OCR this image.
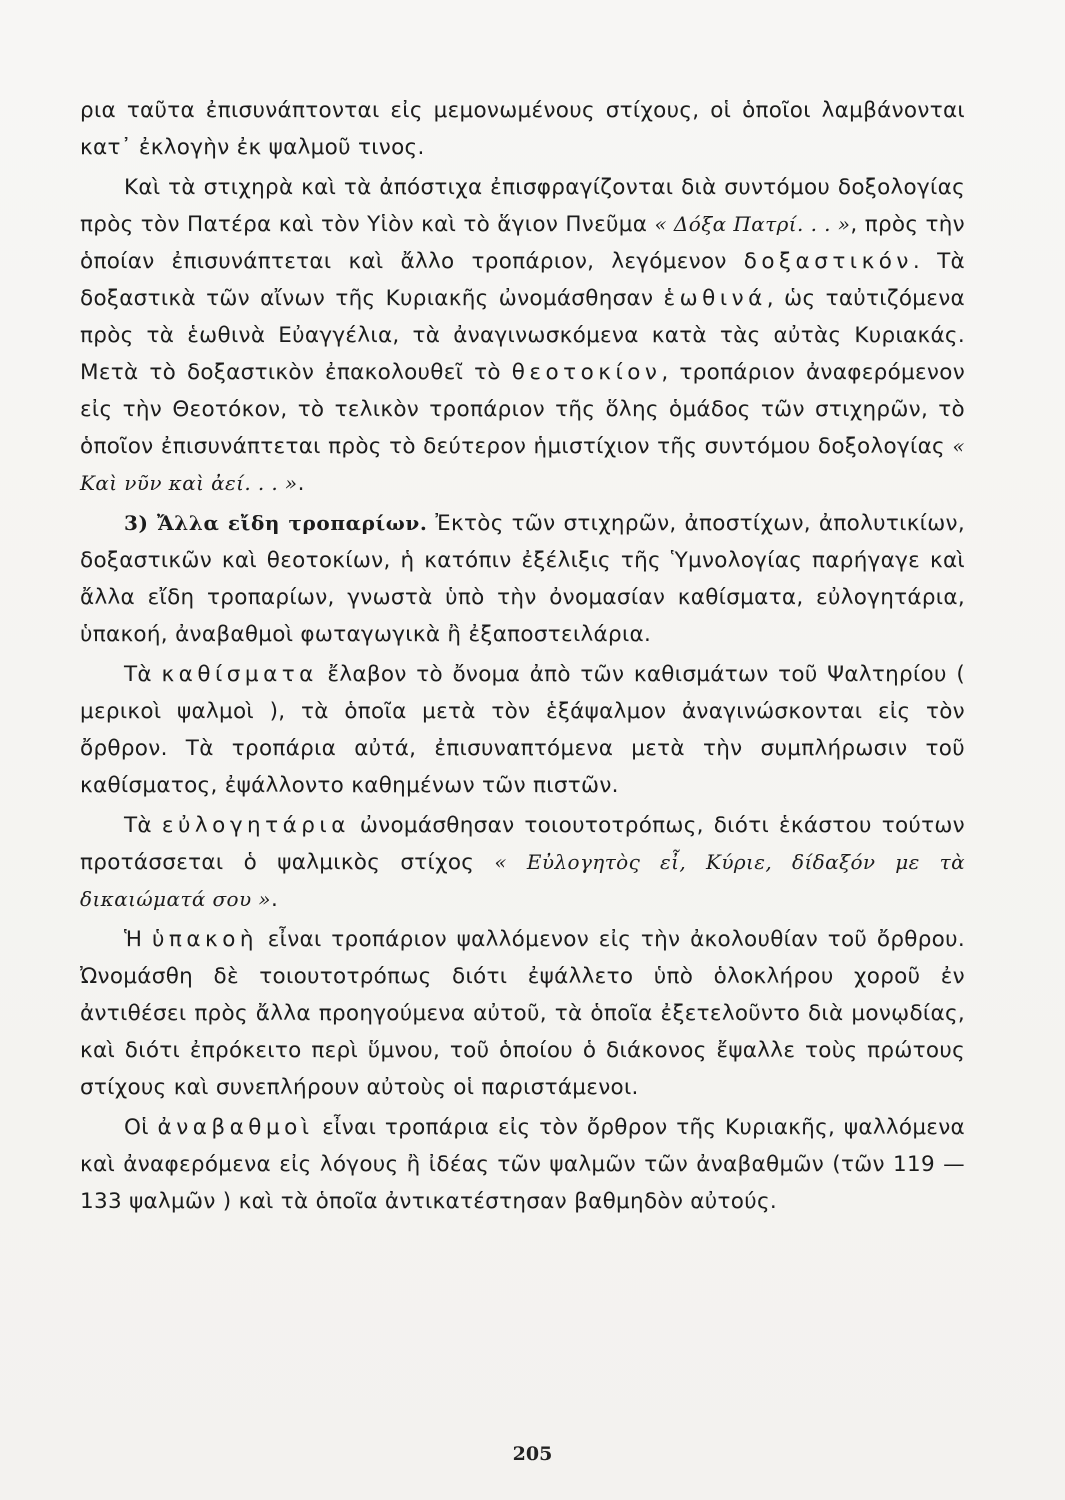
ρια ταῦτα ἐπισυνάπτονται εἰς μεμονωμένους στίχους, οἱ ὁποῖοι λαμβάνονται κατ᾽ ἐκλογὴν ἐκ ψαλμοῦ τινος.

Καὶ τὰ στιχηρὰ καὶ τὰ ἀπόστιχα ἐπισφραγίζονται διὰ συντόμου δοξολογίας πρὸς τὸν Πατέρα καὶ τὸν Υἱὸν καὶ τὸ ἅγιον Πνεῦμα « Δόξα Πατρί. . . », πρὸς τὴν ὁποίαν ἐπισυνάπτεται καὶ ἄλλο τροπάριον, λεγόμενον δοξαστικόν. Τὰ δοξαστικὰ τῶν αἴνων τῆς Κυριακῆς ὠνομάσθησαν ἑωθινά, ὡς ταὐτιζόμενα πρὸς τὰ ἑωθινὰ Εὐαγγέλια, τὰ ἀναγινωσκόμενα κατὰ τὰς αὐτὰς Κυριακάς. Μετὰ τὸ δοξαστικὸν ἐπακολουθεῖ τὸ θεοτοκίον, τροπάριον ἀναφερόμενον εἰς τὴν Θεοτόκον, τὸ τελικὸν τροπάριον τῆς ὅλης ὁμάδος τῶν στιχηρῶν, τὸ ὁποῖον ἐπισυνάπτεται πρὸς τὸ δεύτερον ἡμιστίχιον τῆς συντόμου δοξολογίας « Καὶ νῦν καὶ ἀεί. . . ».

3) Ἄλλα εἴδη τροπαρίων. Ἐκτὸς τῶν στιχηρῶν, ἀποστίχων, ἀπολυτικίων, δοξαστικῶν καὶ θεοτοκίων, ἡ κατόπιν ἐξέλιξις τῆς Ὑμνολογίας παρήγαγε καὶ ἄλλα εἴδη τροπαρίων, γνωστὰ ὑπὸ τὴν ὀνομασίαν καθίσματα, εὐλογητάρια, ὑπακοή, ἀναβαθμοὶ φωταγωγικὰ ἢ ἐξαποστειλάρια.

Τὰ καθίσματα ἔλαβον τὸ ὄνομα ἀπὸ τῶν καθισμάτων τοῦ Ψαλτηρίου ( μερικοὶ ψαλμοὶ ), τὰ ὁποῖα μετὰ τὸν ἑξάψαλμον ἀναγινώσκονται εἰς τὸν ὄρθρον. Τὰ τροπάρια αὐτά, ἐπισυναπτόμενα μετὰ τὴν συμπλήρωσιν τοῦ καθίσματος, ἐψάλλοντο καθημένων τῶν πιστῶν.

Τὰ εὐλογητάρια ὠνομάσθησαν τοιουτοτρόπως, διότι ἑκάστου τούτων προτάσσεται ὁ ψαλμικὸς στίχος « Εὐλογητὸς εἶ, Κύριε, δίδαξόν με τὰ δικαιώματά σου ».

Ἡ ὑπακοὴ εἶναι τροπάριον ψαλλόμενον εἰς τὴν ἀκολουθίαν τοῦ ὄρθρου. Ὠνομάσθη δὲ τοιουτοτρόπως διότι ἐψάλλετο ὑπὸ ὁλοκλήρου χοροῦ ἐν ἀντιθέσει πρὸς ἄλλα προηγούμενα αὐτοῦ, τὰ ὁποῖα ἐξετελοῦντο διὰ μονῳδίας, καὶ διότι ἐπρόκειτο περὶ ὕμνου, τοῦ ὁποίου ὁ διάκονος ἔψαλλε τοὺς πρώτους στίχους καὶ συνεπλήρουν αὐτοὺς οἱ παριστάμενοι.

Οἱ ἀναβαθμοὶ εἶναι τροπάρια εἰς τὸν ὄρθρον τῆς Κυριακῆς, ψαλλόμενα καὶ ἀναφερόμενα εἰς λόγους ἢ ἰδέας τῶν ψαλμῶν τῶν ἀναβαθμῶν (τῶν 119 — 133 ψαλμῶν ) καὶ τὰ ὁποῖα ἀντικατέστησαν βαθμηδὸν αὐτούς.

205
